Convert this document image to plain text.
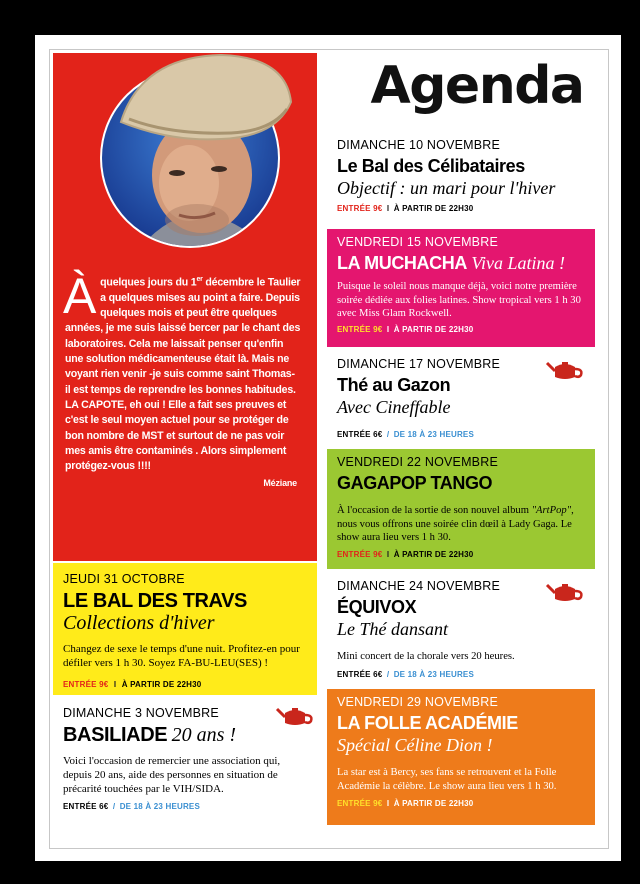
À quelques jours du 1er décembre le Taulier a quelques mises au point a faire. Depuis quelques mois et peut être quelques années, je me suis laissé bercer par le chant des laboratoires. Cela me laissait penser qu'enfin une solution médicamenteuse était là. Mais ne voyant rien venir -je suis comme saint Thomas- il est temps de reprendre les bonnes habitudes. LA CAPOTE, eh oui ! Elle a fait ses preuves et c'est le seul moyen actuel pour se protéger de bon nombre de MST et surtout de ne pas voir mes amis être contaminés . Alors simplement protégez-vous !!!!
Méziane
JEUDI 31 OCTOBRE
LE BAL DES TRAVS
Collections d'hiver
Changez de sexe le temps d'une nuit. Profitez-en pour défiler vers 1 h 30. Soyez FA-BU-LEU(SES) !
ENTRÉE 9€ I À PARTIR DE 22H30
DIMANCHE 3 NOVEMBRE
BASILIADE 20 ans !
Voici l'occasion de remercier une association qui, depuis 20 ans, aide des personnes en situation de précarité touchées par le VIH/SIDA.
ENTRÉE 6€ / DE 18 À 23 HEURES
Agenda
DIMANCHE 10 NOVEMBRE
Le Bal des Célibataires
Objectif : un mari pour l'hiver
ENTRÉE 9€ I À PARTIR DE 22H30
VENDREDI 15 NOVEMBRE
LA MUCHACHA Viva Latina !
Puisque le soleil nous manque déjà, voici notre première soirée dédiée aux folies latines. Show tropical vers 1 h 30 avec Miss Glam Rockwell.
ENTRÉE 9€ I À PARTIR DE 22H30
DIMANCHE 17 NOVEMBRE
Thé au Gazon
Avec Cineffable
ENTRÉE 6€ / DE 18 À 23 HEURES
VENDREDI 22 NOVEMBRE
GAGAPOP TANGO
À l'occasion de la sortie de son nouvel album "ArtPop", nous vous offrons une soirée clin dœil à Lady Gaga. Le show aura lieu vers 1 h 30.
ENTRÉE 9€ I À PARTIR DE 22H30
DIMANCHE 24 NOVEMBRE
ÉQUIVOX
Le Thé dansant
Mini concert de la chorale vers 20 heures.
ENTRÉE 6€ / DE 18 À 23 HEURES
VENDREDI 29 NOVEMBRE
LA FOLLE ACADÉMIE
Spécial Céline Dion !
La star est à Bercy, ses fans se retrouvent et la Folle Académie la célèbre. Le show aura lieu vers 1 h 30.
ENTRÉE 9€ I À PARTIR DE 22H30
